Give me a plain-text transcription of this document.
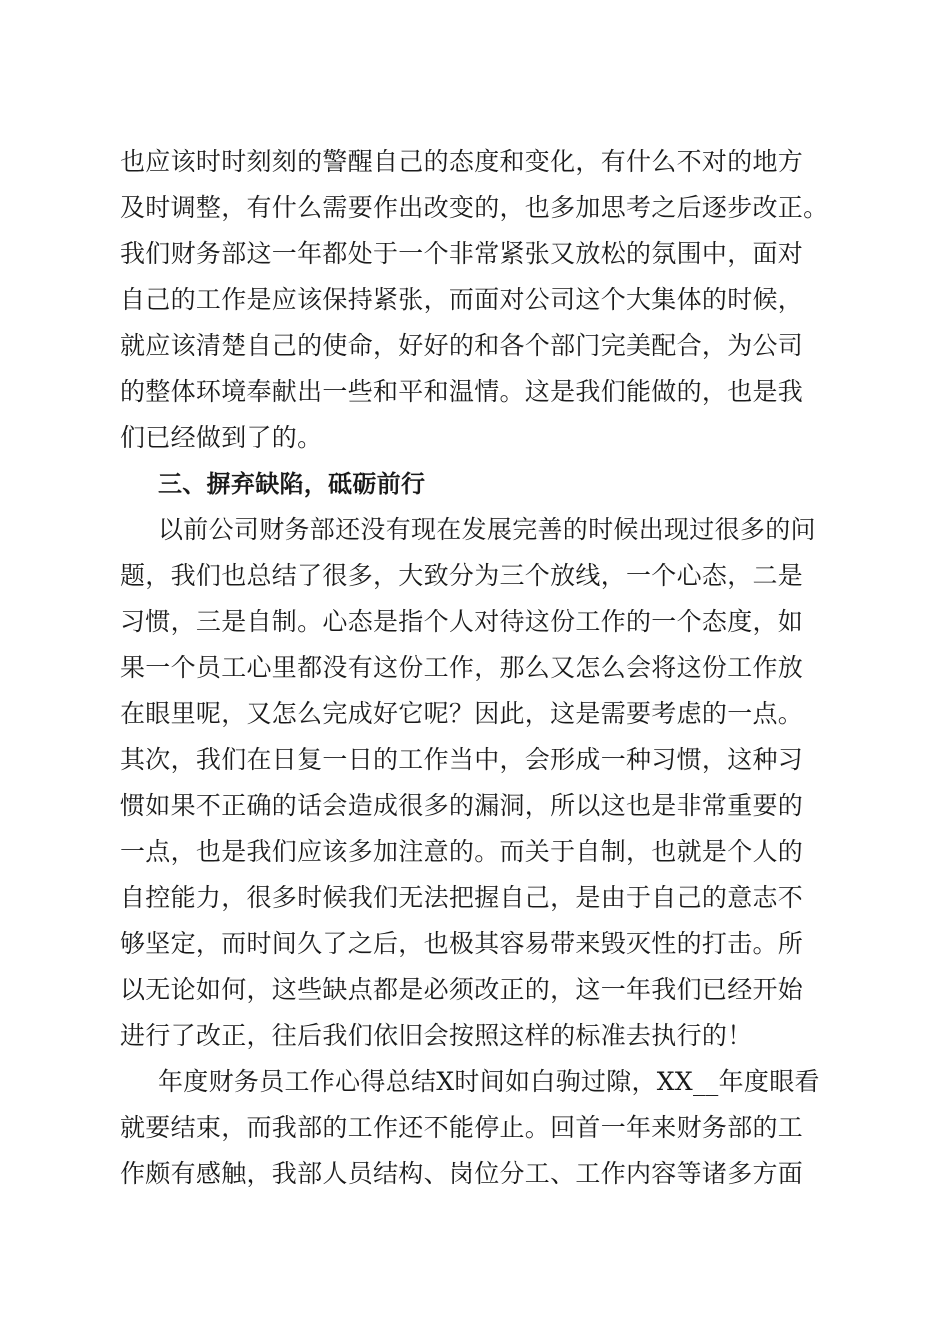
也应该时时刻刻的警醒自己的态度和变化，有什么不对的地方
及时调整，有什么需要作出改变的，也多加思考之后逐步改正。
我们财务部这一年都处于一个非常紧张又放松的氛围中，面对
自己的工作是应该保持紧张，而面对公司这个大集体的时候，
就应该清楚自己的使命，好好的和各个部门完美配合，为公司
的整体环境奉献出一些和平和温情。这是我们能做的，也是我
们已经做到了的。
三、摒弃缺陷，砥砺前行
以前公司财务部还没有现在发展完善的时候出现过很多的问
题，我们也总结了很多，大致分为三个放线，一个心态，二是
习惯，三是自制。心态是指个人对待这份工作的一个态度，如
果一个员工心里都没有这份工作，那么又怎么会将这份工作放
在眼里呢，又怎么完成好它呢？因此，这是需要考虑的一点。
其次，我们在日复一日的工作当中，会形成一种习惯，这种习
惯如果不正确的话会造成很多的漏洞，所以这也是非常重要的
一点，也是我们应该多加注意的。而关于自制，也就是个人的
自控能力，很多时候我们无法把握自己，是由于自己的意志不
够坚定，而时间久了之后，也极其容易带来毁灭性的打击。所
以无论如何，这些缺点都是必须改正的，这一年我们已经开始
进行了改正，往后我们依旧会按照这样的标准去执行的！
年度财务员工作心得总结X时间如白驹过隙，XX__年度眼看
就要结束，而我部的工作还不能停止。回首一年来财务部的工
作颇有感触，我部人员结构、岗位分工、工作内容等诸多方面
